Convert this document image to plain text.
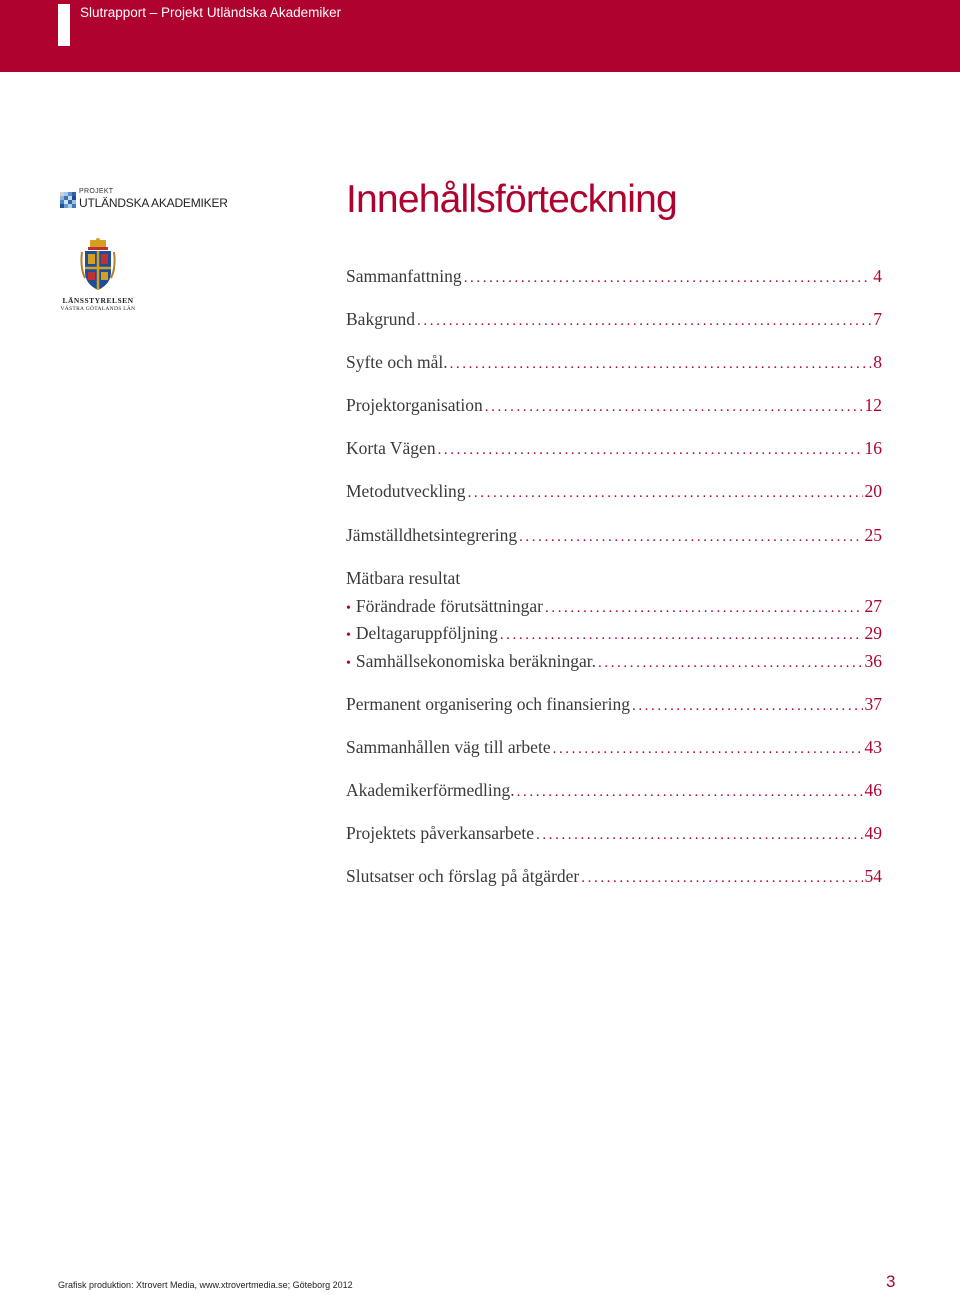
Slutrapport – Projekt Utländska Akademiker
PROJEKT
UTLÄNDSKA AKADEMIKER
LÄNSSTYRELSEN
VÄSTRA GÖTALANDS LÄN
Innehållsförteckning
Sammanfattning .....	4
Bakgrund .....	7
Syfte och mål. .....	8
Projektorganisation .....	12
Korta Vägen .....	16
Metodutveckling .....	20
Jämställdhetsintegrering .....	25
Mätbara resultat
• Förändrade förutsättningar .....	27
• Deltagaruppföljning .....	29
• Samhällsekonomiska beräkningar. .....	36
Permanent organisering och finansiering .....	37
Sammanhållen väg till arbete .....	43
Akademikerförmedling. .....	46
Projektets påverkansarbete .....	49
Slutsatser och förslag på åtgärder .....	54
Grafisk produktion: Xtrovert Media, www.xtrovertmedia.se; Göteborg 2012	3
